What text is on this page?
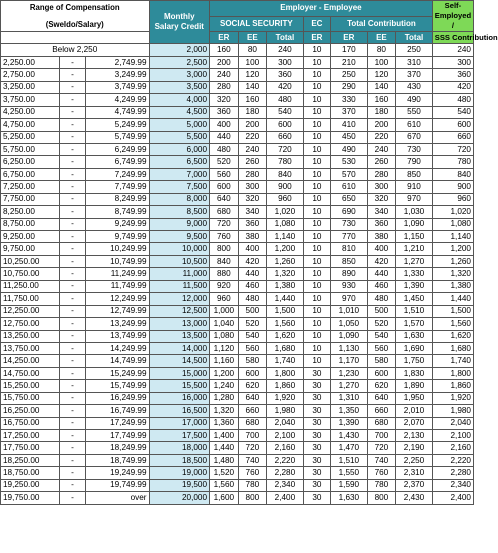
Range of Compensation
(Sweldo/Salary)			Monthly Salary Credit	Employer - Employee							Self-Employed /
				SOCIAL SECURITY			EC	Total Contribution			
				ER	EE	Total	ER	ER	EE	Total	SSS Contribution
Below 2,250			2,000	160	80	240	10	170	80	250	240
2,250.00	-	2,749.99	2,500	200	100	300	10	210	100	310	300
2,750.00	-	3,249.99	3,000	240	120	360	10	250	120	370	360
3,250.00	-	3,749.99	3,500	280	140	420	10	290	140	430	420
3,750.00	-	4,249.99	4,000	320	160	480	10	330	160	490	480
4,250.00	-	4,749.99	4,500	360	180	540	10	370	180	550	540
4,750.00	-	5,249.99	5,000	400	200	600	10	410	200	610	600
5,250.00	-	5,749.99	5,500	440	220	660	10	450	220	670	660
5,750.00	-	6,249.99	6,000	480	240	720	10	490	240	730	720
6,250.00	-	6,749.99	6,500	520	260	780	10	530	260	790	780
6,750.00	-	7,249.99	7,000	560	280	840	10	570	280	850	840
7,250.00	-	7,749.99	7,500	600	300	900	10	610	300	910	900
7,750.00	-	8,249.99	8,000	640	320	960	10	650	320	970	960
8,250.00	-	8,749.99	8,500	680	340	1,020	10	690	340	1,030	1,020
8,750.00	-	9,249.99	9,000	720	360	1,080	10	730	360	1,090	1,080
9,250.00	-	9,749.99	9,500	760	380	1,140	10	770	380	1,150	1,140
9,750.00	-	10,249.99	10,000	800	400	1,200	10	810	400	1,210	1,200
10,250.00	-	10,749.99	10,500	840	420	1,260	10	850	420	1,270	1,260
10,750.00	-	11,249.99	11,000	880	440	1,320	10	890	440	1,330	1,320
11,250.00	-	11,749.99	11,500	920	460	1,380	10	930	460	1,390	1,380
11,750.00	-	12,249.99	12,000	960	480	1,440	10	970	480	1,450	1,440
12,250.00	-	12,749.99	12,500	1,000	500	1,500	10	1,010	500	1,510	1,500
12,750.00	-	13,249.99	13,000	1,040	520	1,560	10	1,050	520	1,570	1,560
13,250.00	-	13,749.99	13,500	1,080	540	1,620	10	1,090	540	1,630	1,620
13,750.00	-	14,249.99	14,000	1,120	560	1,680	10	1,130	560	1,690	1,680
14,250.00	-	14,749.99	14,500	1,160	580	1,740	10	1,170	580	1,750	1,740
14,750.00	-	15,249.99	15,000	1,200	600	1,800	30	1,230	600	1,830	1,800
15,250.00	-	15,749.99	15,500	1,240	620	1,860	30	1,270	620	1,890	1,860
15,750.00	-	16,249.99	16,000	1,280	640	1,920	30	1,310	640	1,950	1,920
16,250.00	-	16,749.99	16,500	1,320	660	1,980	30	1,350	660	2,010	1,980
16,750.00	-	17,249.99	17,000	1,360	680	2,040	30	1,390	680	2,070	2,040
17,250.00	-	17,749.99	17,500	1,400	700	2,100	30	1,430	700	2,130	2,100
17,750.00	-	18,249.99	18,000	1,440	720	2,160	30	1,470	720	2,190	2,160
18,250.00	-	18,749.99	18,500	1,480	740	2,220	30	1,510	740	2,250	2,220
18,750.00	-	19,249.99	19,000	1,520	760	2,280	30	1,550	760	2,310	2,280
19,250.00	-	19,749.99	19,500	1,560	780	2,340	30	1,590	780	2,370	2,340
19,750.00	-	over	20,000	1,600	800	2,400	30	1,630	800	2,430	2,400
